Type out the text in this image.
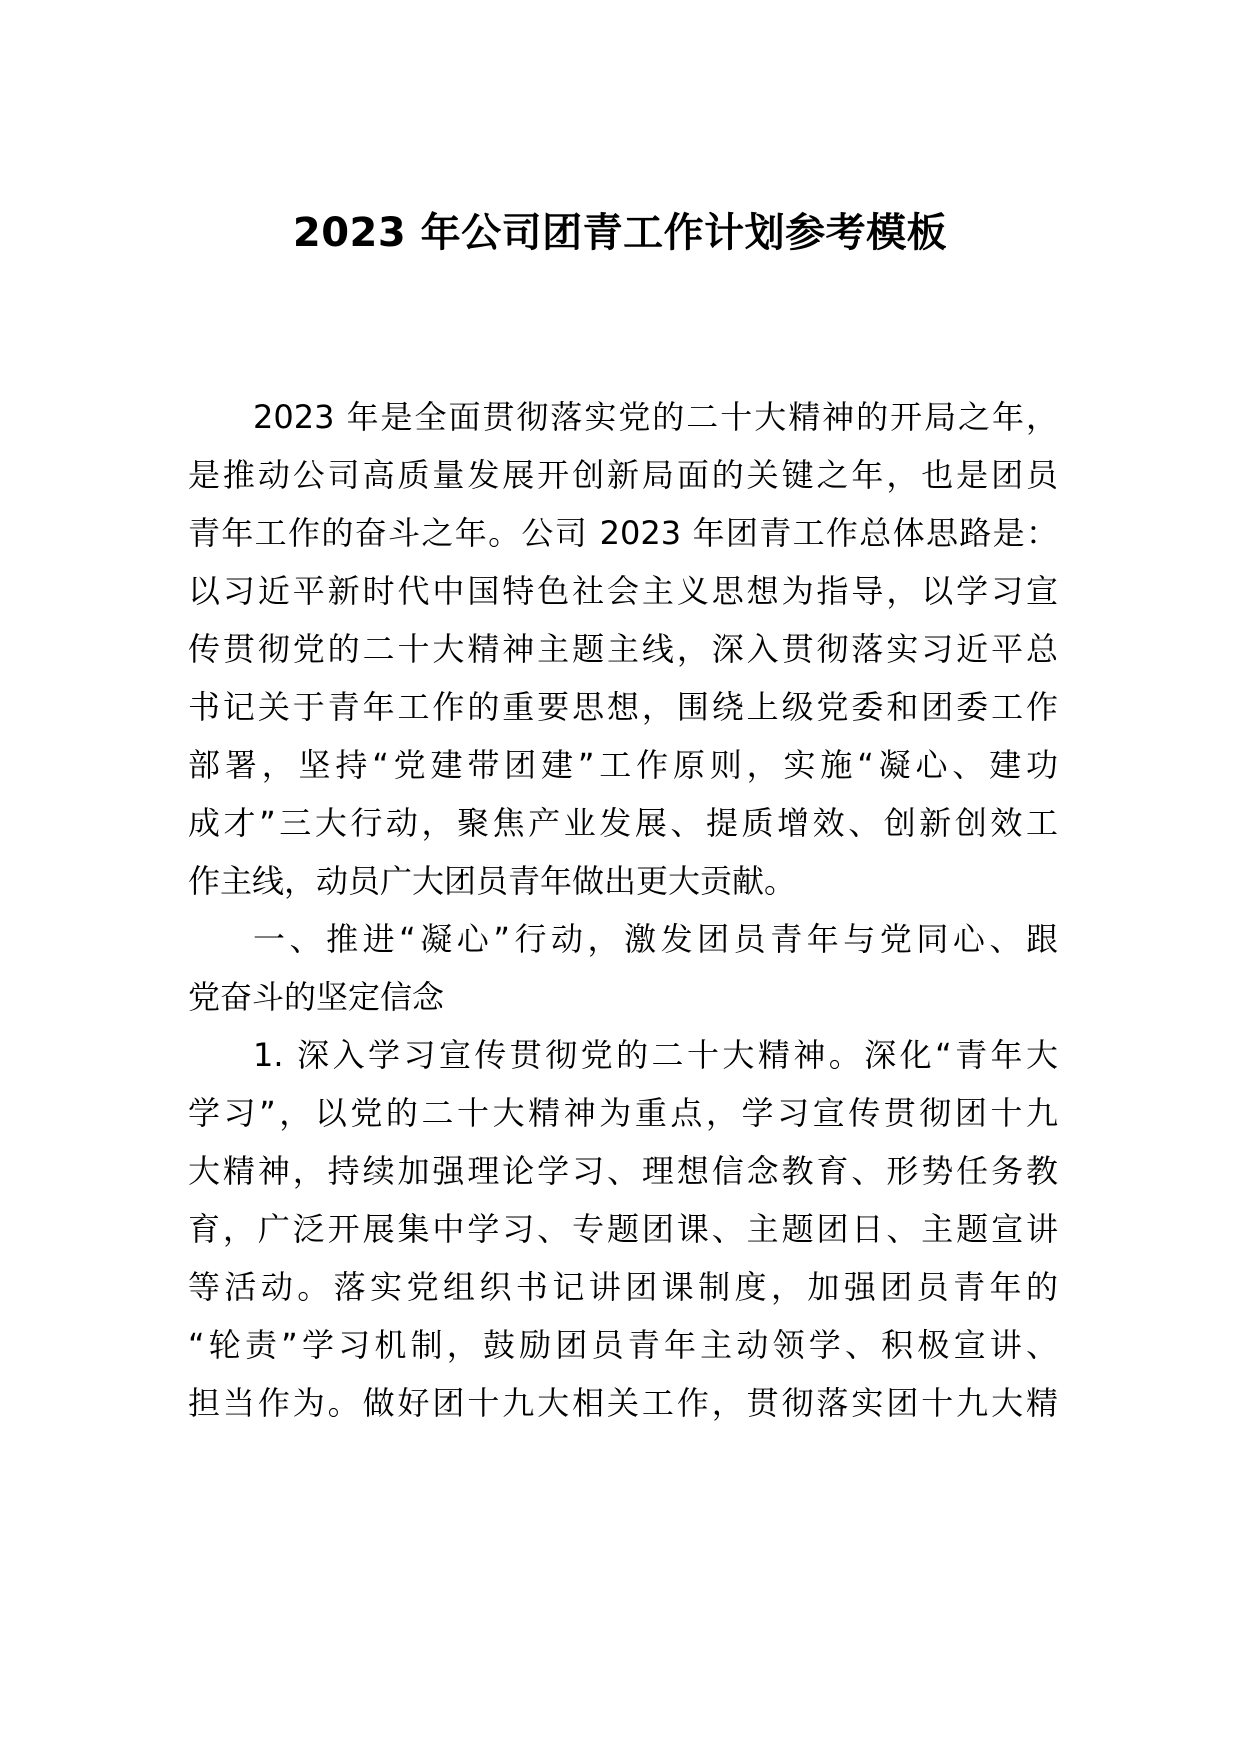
2023 年公司团青工作计划参考模板
2023 年是全面贯彻落实党的二十大精神的开局之年，
是推动公司高质量发展开创新局面的关键之年，也是团员
青年工作的奋斗之年。公司 2023 年团青工作总体思路是：
以习近平新时代中国特色社会主义思想为指导，以学习宣
传贯彻党的二十大精神主题主线，深入贯彻落实习近平总
书记关于青年工作的重要思想，围绕上级党委和团委工作
部署，坚持“党建带团建”工作原则，实施“凝心、建功
成才”三大行动，聚焦产业发展、提质增效、创新创效工
作主线，动员广大团员青年做出更大贡献。
一、推进“凝心”行动，激发团员青年与党同心、跟
党奋斗的坚定信念
1. 深入学习宣传贯彻党的二十大精神。深化“青年大
学习”，以党的二十大精神为重点，学习宣传贯彻团十九
大精神，持续加强理论学习、理想信念教育、形势任务教
育，广泛开展集中学习、专题团课、主题团日、主题宣讲
等活动。落实党组织书记讲团课制度，加强团员青年的
“轮责”学习机制，鼓励团员青年主动领学、积极宣讲、
担当作为。做好团十九大相关工作，贯彻落实团十九大精
